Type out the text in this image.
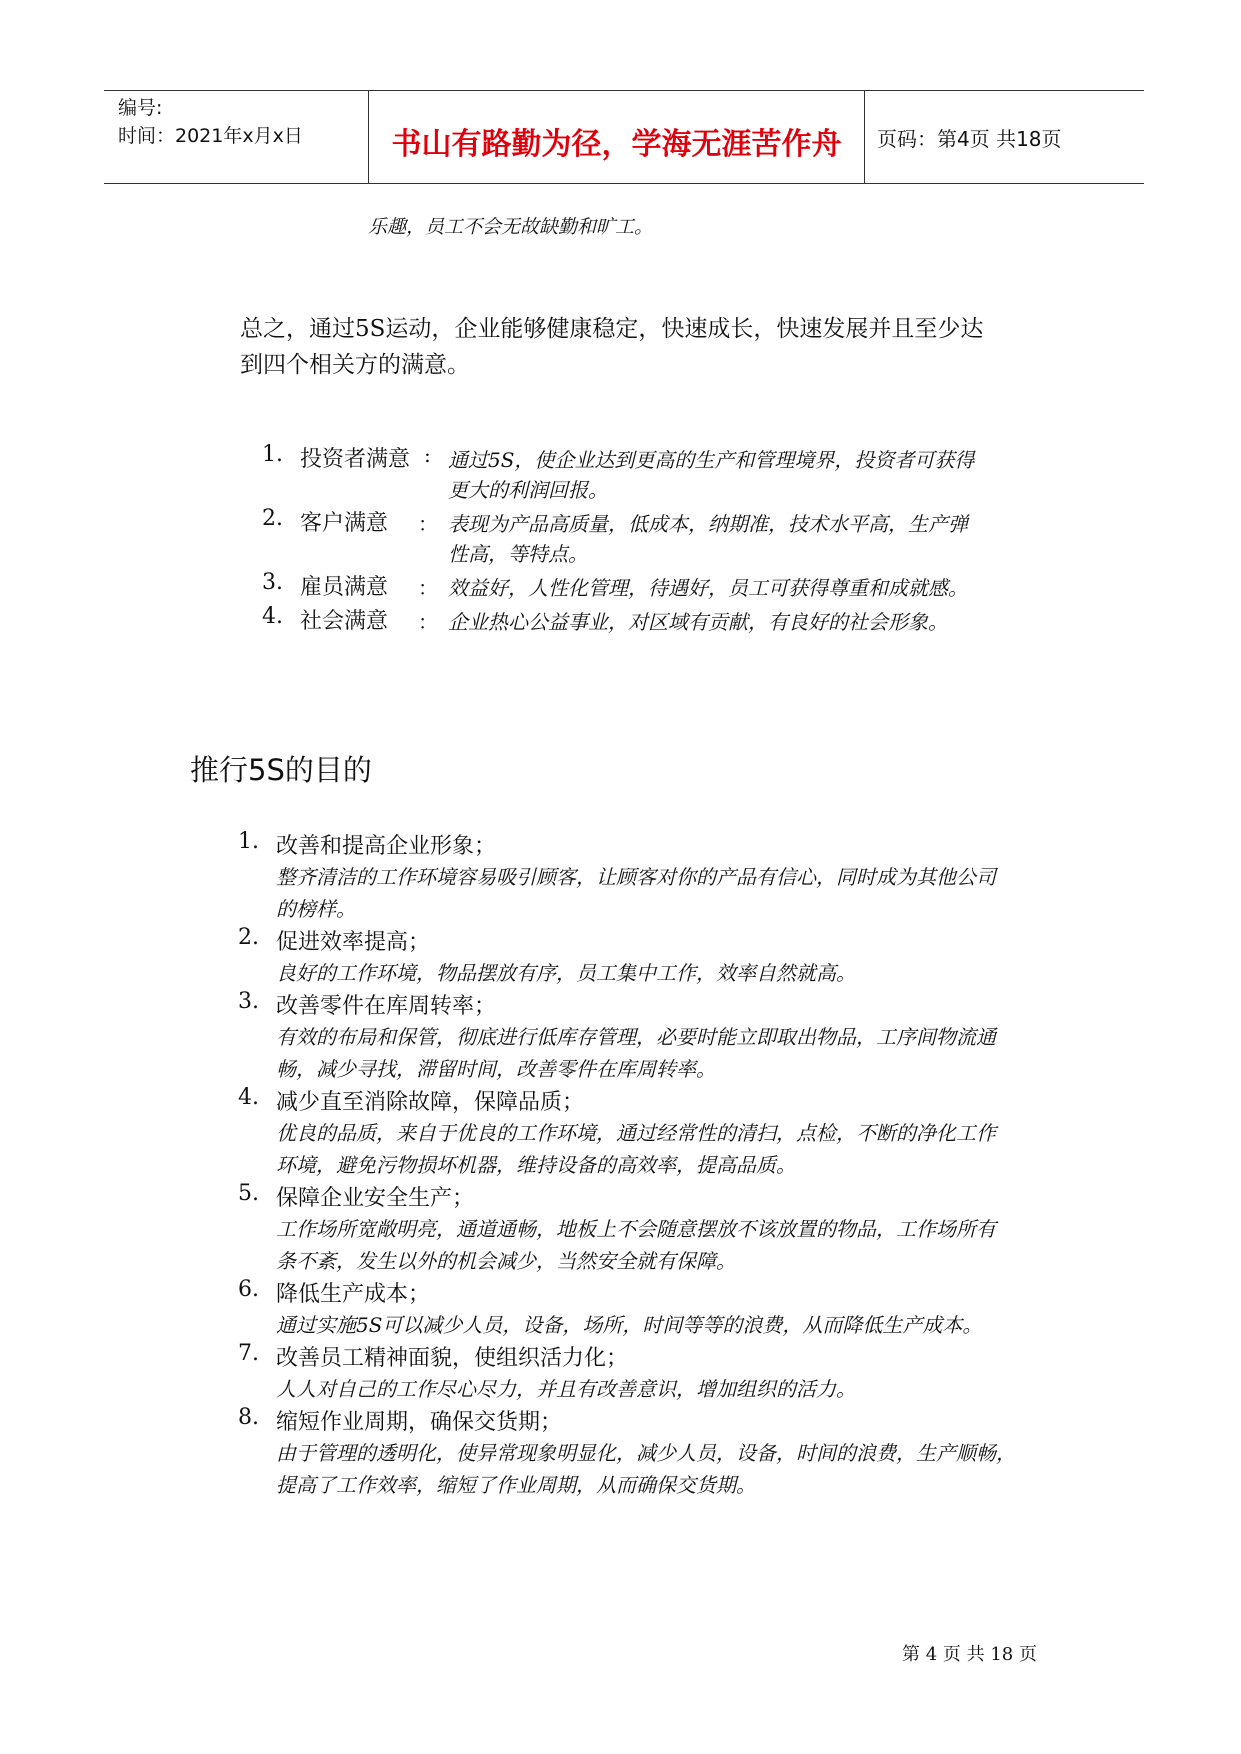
编号:
时间：2021年x月x日	书山有路勤为径，学海无涯苦作舟	页码：第4页 共18页
乐趣，员工不会无故缺勤和旷工。
总之，通过5S运动，企业能够健康稳定，快速成长，快速发展并且至少达
到四个相关方的满意。
1. 投资者满意 : 通过5S，使企业达到更高的生产和管理境界，投资者可获得
更大的利润回报。
2. 客户满意 ： 表现为产品高质量，低成本，纳期准，技术水平高，生产弹
性高，等特点。
3. 雇员满意 ： 效益好，人性化管理，待遇好，员工可获得尊重和成就感。
4. 社会满意 ： 企业热心公益事业，对区域有贡献，有良好的社会形象。
推行5S的目的
1. 改善和提高企业形象；
整齐清洁的工作环境容易吸引顾客，让顾客对你的产品有信心，同时成为其他公司
的榜样。
2. 促进效率提高；
良好的工作环境，物品摆放有序，员工集中工作，效率自然就高。
3. 改善零件在库周转率；
有效的布局和保管，彻底进行低库存管理，必要时能立即取出物品，工序间物流通
畅，减少寻找，滞留时间，改善零件在库周转率。
4. 减少直至消除故障，保障品质；
优良的品质，来自于优良的工作环境，通过经常性的清扫，点检，不断的净化工作
环境，避免污物损坏机器，维持设备的高效率，提高品质。
5. 保障企业安全生产；
工作场所宽敞明亮，通道通畅，地板上不会随意摆放不该放置的物品，工作场所有
条不紊，发生以外的机会减少，当然安全就有保障。
6. 降低生产成本；
通过实施5S可以减少人员，设备，场所，时间等等的浪费，从而降低生产成本。
7. 改善员工精神面貌，使组织活力化；
人人对自己的工作尽心尽力，并且有改善意识，增加组织的活力。
8. 缩短作业周期，确保交货期；
由于管理的透明化，使异常现象明显化，减少人员，设备，时间的浪费，生产顺畅，
提高了工作效率，缩短了作业周期，从而确保交货期。
第 4 页 共 18 页
